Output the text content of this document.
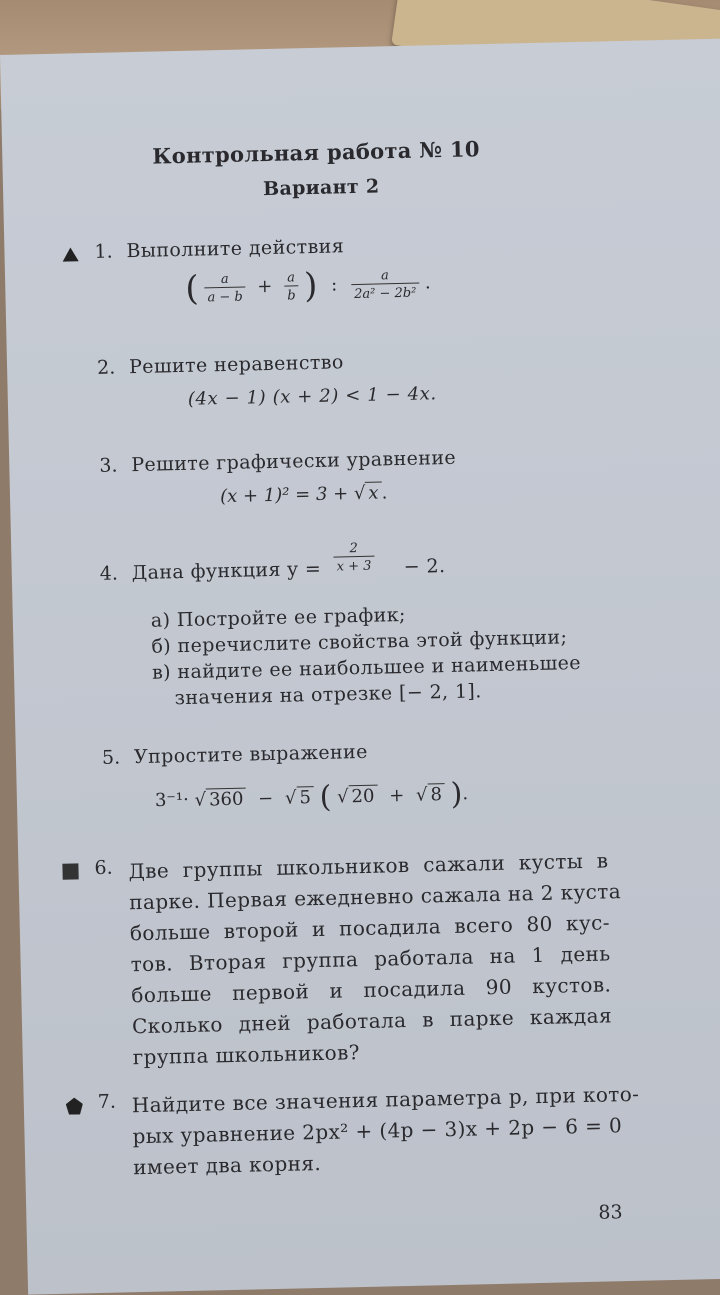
Контрольная работа № 10
Вариант 2
1. Выполните действия
( $\frac{a}{a - b} + \frac{a}{b}$ ) : $\frac{a}{\text{2a² − 2b²}}$ .
2. Решите неравенство
(4x − 1) (x + 2) < 1 − 4x.
3. Решите графически уравнение
(x + 1)² = 3 + √ x .
4. Дана функция $y = \frac{2}{x + 3} - 2$.
а) Постройте ее график;
б) перечислите свойства этой функции;
в) найдите ее наибольшее и наименьшее
значения на отрезке [− 2, 1].
5. Упростите выражение
3⁻¹· √ 360 − √ 5 ( √ 20 + √ 8 ).
6. Две группы школьников сажали кусты в
парке. Первая ежедневно сажала на 2 куста
больше второй и посадила всего 80 кус-
тов. Вторая группа работала на 1 день
больше первой и посадила 90 кустов.
Сколько дней работала в парке каждая
группа школьников?
7. Найдите все значения параметра p, при кото-
рых уравнение 2px² + (4p − 3)x + 2p − 6 = 0
имеет два корня.
83
